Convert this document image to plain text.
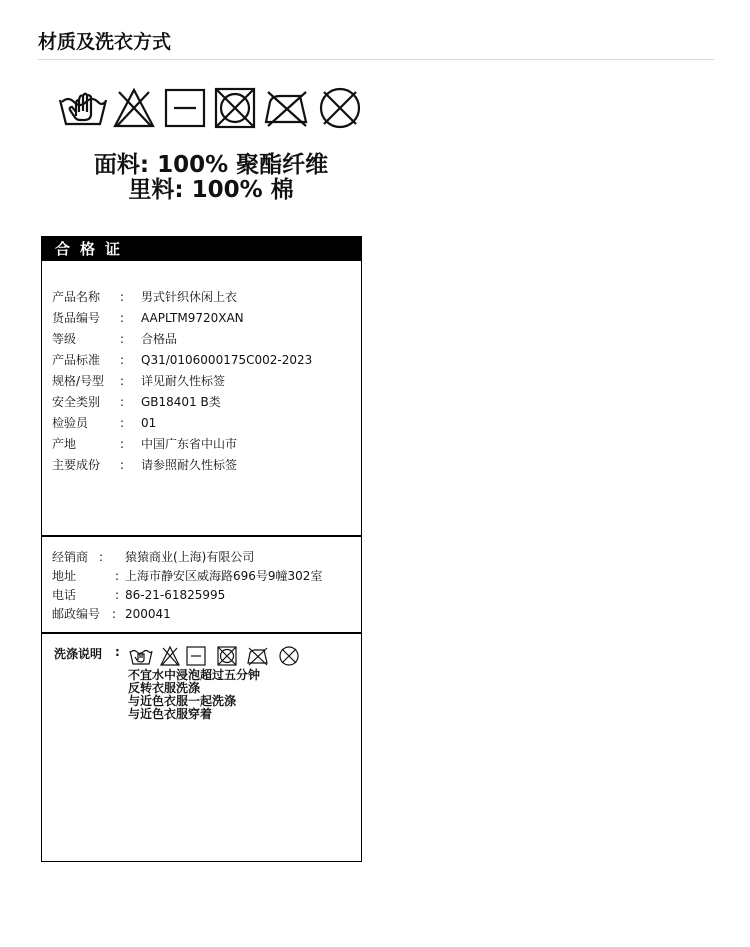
材质及洗衣方式
面料: 100% 聚酯纤维
里料: 100% 棉
合格证
产品名称 : 男式针织休闲上衣
货品编号 : AAPLTM9720XAN
等级	: 合格品
产品标准 : Q31/0106000175C002-2023
规格/号型 : 详见耐久性标签
安全类别 : GB18401 B类
检验员	: 01
产地	: 中国广东省中山市
主要成份 : 请参照耐久性标签
经销商 : 猿猿商业(上海)有限公司
地址	: 上海市静安区威海路696号9幢302室
电话	: 86-21-61825995
邮政编号 : 200041
洗涤说明 :
不宜水中浸泡超过五分钟
反转衣服洗涤
与近色衣服一起洗涤
与近色衣服穿着
